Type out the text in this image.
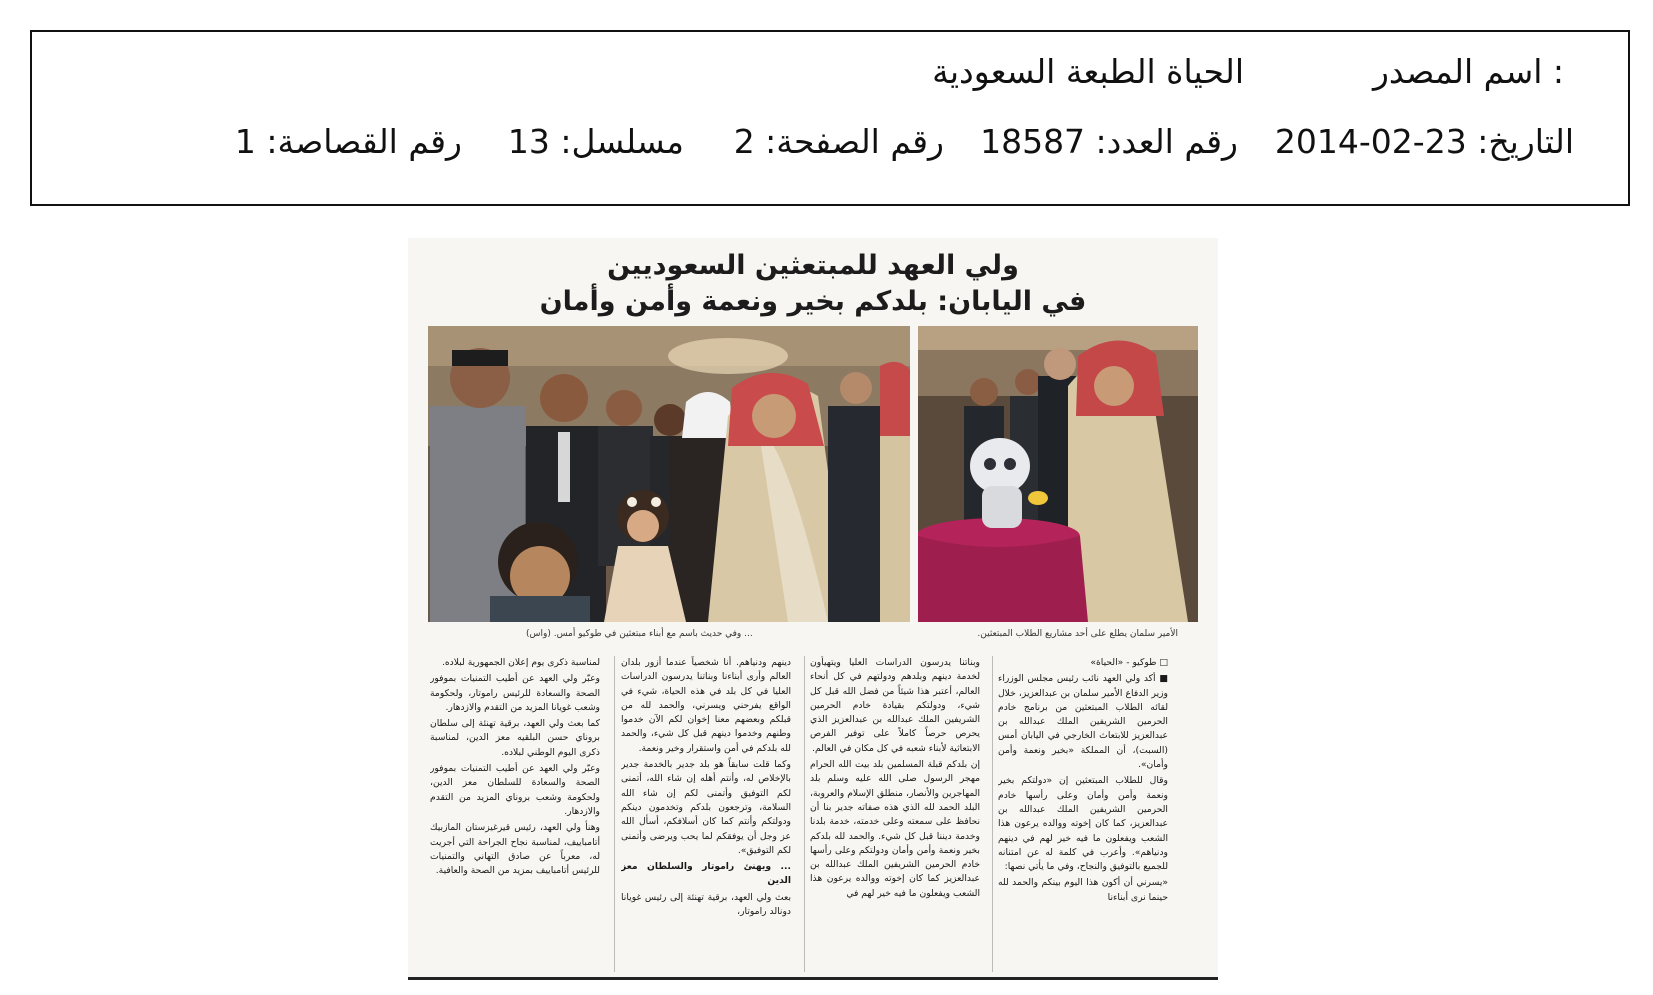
اسم المصدر :
الحياة الطبعة السعودية
التاريخ: 23-02-2014
رقم العدد: 18587
رقم الصفحة: 2
مسلسل: 13
رقم القصاصة: 1
ولي العهد للمبتعثين السعوديين
في اليابان: بلدكم بخير ونعمة وأمن وأمان
الأمير سلمان يطلع على أحد مشاريع الطلاب المبتعثين.
... وفي حديث باسم مع أبناء مبتعثين في طوكيو أمس. (واس)

□ طوكيو - «الحياة»

■ أكد ولي العهد نائب رئيس مجلس الوزراء وزير الدفاع الأمير سلمان بن عبدالعزيز، خلال لقائه الطلاب المبتعثين من برنامج خادم الحرمين الشريفين الملك عبدالله بن عبدالعزيز للابتعاث الخارجي في اليابان أمس (السبت)، أن المملكة «بخير ونعمة وأمن وأمان».

وقال للطلاب المبتعثين إن «دولتكم بخير ونعمة وأمن وأمان وعلى رأسها خادم الحرمين الشريفين الملك عبدالله بن عبدالعزيز، كما كان إخوته ووالده يرعون هذا الشعب ويفعلون ما فيه خير لهم في دينهم ودنياهم». وأعرب في كلمة له عن امتنانه للجميع بالتوفيق والنجاح، وفي ما يأتي نصها:

«يسرني أن أكون هذا اليوم بينكم والحمد لله حينما نرى أبناءنا

وبناتنا يدرسون الدراسات العليا ويتهيأون لخدمة دينهم وبلدهم ودولتهم في كل أنحاء العالم، أعتبر هذا شيئاً من فضل الله قبل كل شيء، ودولتكم بقيادة خادم الحرمين الشريفين الملك عبدالله بن عبدالعزيز الذي يحرص حرصاً كاملاً على توفير الفرص الابتعاثية لأبناء شعبه في كل مكان في العالم.

إن بلدكم قبلة المسلمين بلد بيت الله الحرام مهجر الرسول صلى الله عليه وسلم بلد المهاجرين والأنصار، منطلق الإسلام والعروبة، البلد الحمد لله الذي هذه صفاته جدير بنا أن نحافظ على سمعته وعلى خدمته، خدمة بلدنا وخدمة ديننا قبل كل شيء. والحمد لله بلدكم بخير ونعمة وأمن وأمان ودولتكم وعلى رأسها خادم الحرمين الشريفين الملك عبدالله بن عبدالعزيز كما كان إخوته ووالده يرعون هذا الشعب ويفعلون ما فيه خير لهم في

دينهم ودنياهم. أنا شخصياً عندما أزور بلدان العالم وأرى أبناءنا وبناتنا يدرسون الدراسات العليا في كل بلد في هذه الحياة، شيء في الواقع يفرحني ويسرني، والحمد لله من قبلكم وبعضهم معنا إخوان لكم الآن خدموا وطنهم وخدموا دينهم قبل كل شيء، والحمد لله بلدكم في أمن واستقرار وخير ونعمة.

وكما قلت سابقاً هو بلد جدير بالخدمة جدير بالإخلاص له، وأنتم أهله إن شاء الله، أتمنى لكم التوفيق وأتمنى لكم إن شاء الله السلامة، وترجعون بلدكم وتخدمون دينكم ودولتكم وأنتم كما كان أسلافكم، أسأل الله عز وجل أن يوفقكم لما يحب ويرضى وأتمنى لكم التوفيق».

... ويهنئ راموتار والسلطان معز الدين

بعث ولي العهد، برقية تهنئة إلى رئيس غويانا دونالد راموتار،

لمناسبة ذكرى يوم إعلان الجمهورية لبلاده.

وعبّر ولي العهد عن أطيب التمنيات بموفور الصحة والسعادة للرئيس راموتار، ولحكومة وشعب غويانا المزيد من التقدم والازدهار.

كما بعث ولي العهد، برقية تهنئة إلى سلطان بروناي حسن البلقيه معز الدين، لمناسبة ذكرى اليوم الوطني لبلاده.

وعبّر ولي العهد عن أطيب التمنيات بموفور الصحة والسعادة للسلطان معز الدين، ولحكومة وشعب بروناي المزيد من التقدم والازدهار.

وهنأ ولي العهد، رئيس قيرغيزستان المازبيك أتامباييف، لمناسبة نجاح الجراحة التي أجريت له، معرباً عن صادق التهاني والتمنيات للرئيس أتامباييف بمزيد من الصحة والعافية.
